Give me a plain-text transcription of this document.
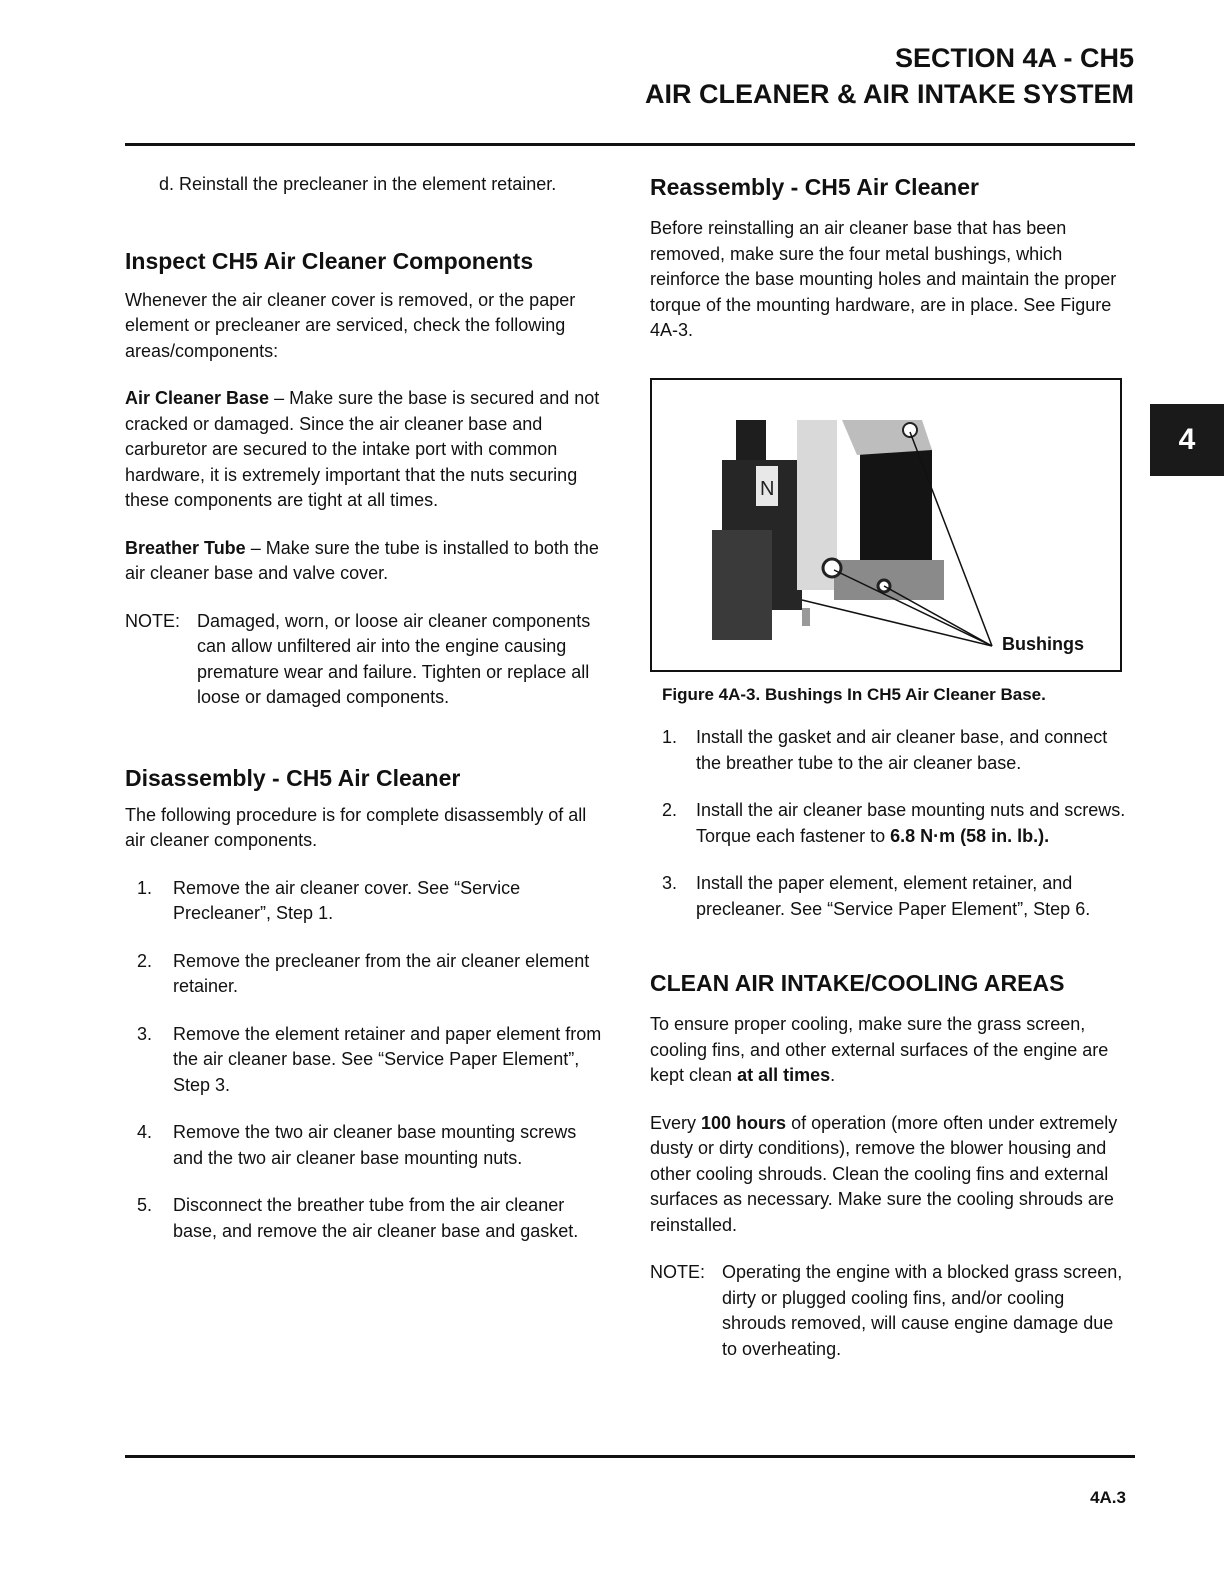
SECTION 4A - CH5
AIR CLEANER & AIR INTAKE SYSTEM
4

d. Reinstall the precleaner in the element retainer.

Inspect CH5 Air Cleaner Components

Whenever the air cleaner cover is removed, or the paper element or precleaner are serviced, check the following areas/components:

Air Cleaner Base – Make sure the base is secured and not cracked or damaged. Since the air cleaner base and carburetor are secured to the intake port with common hardware, it is extremely important that the nuts securing these components are tight at all times.

Breather Tube – Make sure the tube is installed to both the air cleaner base and valve cover.

NOTE: Damaged, worn, or loose air cleaner components can allow unfiltered air into the engine causing premature wear and failure. Tighten or replace all loose or damaged components.
Disassembly - CH5 Air Cleaner

The following procedure is for complete disassembly of all air cleaner components.

1.	Remove the air cleaner cover. See “Service Precleaner”, Step 1.
2.	Remove the precleaner from the air cleaner element retainer.
3.	Remove the element retainer and paper element from the air cleaner base. See “Service Paper Element”, Step 3.
4.	Remove the two air cleaner base mounting screws and the two air cleaner base mounting nuts.
5.	Disconnect the breather tube from the air cleaner base, and remove the air cleaner base and gasket.
Reassembly - CH5 Air Cleaner

Before reinstalling an air cleaner base that has been removed, make sure the four metal bushings, which reinforce the base mounting holes and maintain the proper torque of the mounting hardware, are in place. See Figure 4A-3.

N
Bushings
Figure 4A-3. Bushings In CH5 Air Cleaner Base.
1.	Install the gasket and air cleaner base, and connect the breather tube to the air cleaner base.
2.	Install the air cleaner base mounting nuts and screws. Torque each fastener to 6.8 N·m (58 in. lb.).
3.	Install the paper element, element retainer, and precleaner. See “Service Paper Element”, Step 6.
CLEAN AIR INTAKE/COOLING AREAS

To ensure proper cooling, make sure the grass screen, cooling fins, and other external surfaces of the engine are kept clean at all times.

Every 100 hours of operation (more often under extremely dusty or dirty conditions), remove the blower housing and other cooling shrouds. Clean the cooling fins and external surfaces as necessary. Make sure the cooling shrouds are reinstalled.

NOTE: Operating the engine with a blocked grass screen, dirty or plugged cooling fins, and/or cooling shrouds removed, will cause engine damage due to overheating.
4A.3
